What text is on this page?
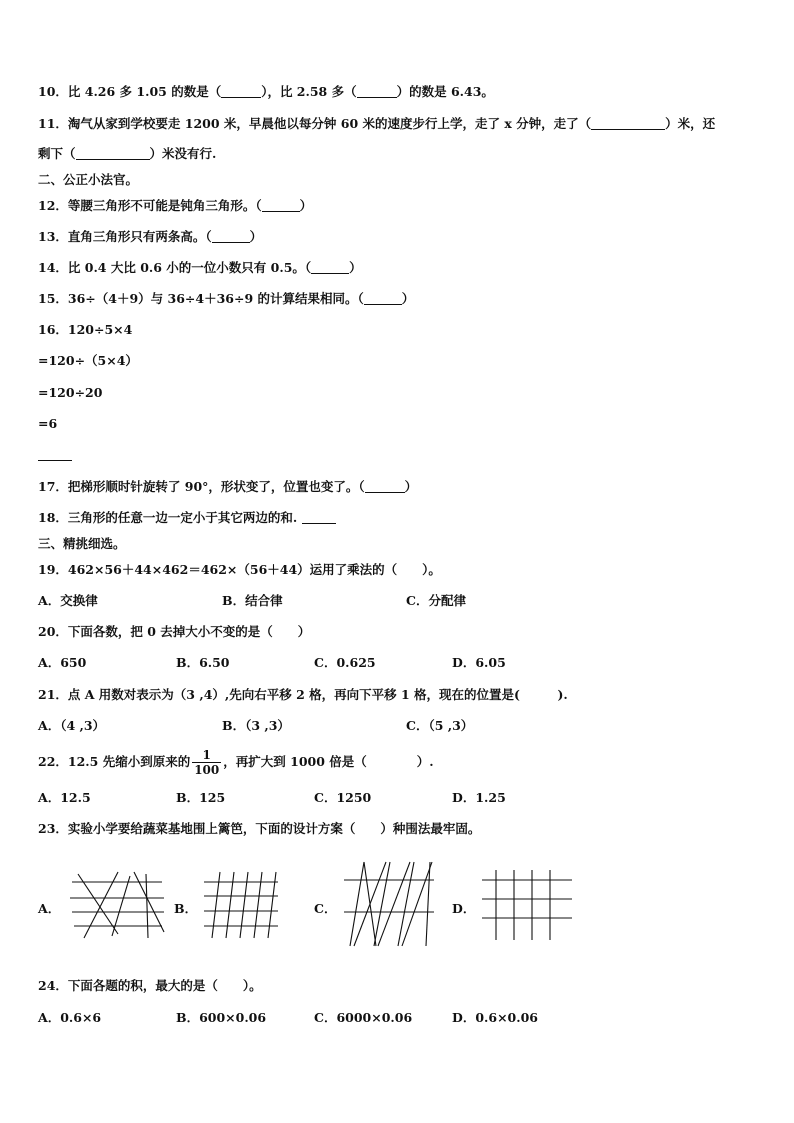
10．比 4.26 多 1.05 的数是（	），比 2.58 多（	）的数是 6.43。
11．淘气从家到学校要走 1200 米，早晨他以每分钟 60 米的速度步行上学，走了 x 分钟，走了（	）米，还
剩下（	）米没有行.
二、公正小法官。
12．等腰三角形不可能是钝角三角形。（	）
13．直角三角形只有两条高。（	）
14．比 0.4 大比 0.6 小的一位小数只有 0.5。（	）
15．36÷（4＋9）与 36÷4＋36÷9 的计算结果相同。（	）
16．120÷5×4
=120÷（5×4）
=120÷20
=6
17．把梯形顺时针旋转了 90°，形状变了，位置也变了。（	）
18．三角形的任意一边一定小于其它两边的和.
三、精挑细选。
19．462×56＋44×462＝462×（56＋44）运用了乘法的（　　）。
A．交换律	B．结合律	C．分配律
20．下面各数，把 0 去掉大小不变的是（　　）
A．650	B．6.50	C．0.625	D．6.05
21．点 A 用数对表示为（3 ,4）,先向右平移 2 格，再向下平移 1 格，现在的位置是(　　　).
A．（4 ,3）	B．（3 ,3）	C．（5 ,3）
22．12.5 先缩小到原来的 $\frac{1}{100}$ ，再扩大到 1000 倍是（　　　　）.
A．12.5	B．125	C．1250	D．1.25
23．实验小学要给蔬菜基地围上篱笆，下面的设计方案（　　）种围法最牢固。
A．	B．	C．	D．
24．下面各题的积，最大的是（　　）。
A．0.6×6	B．600×0.06	C．6000×0.06	D．0.6×0.06
